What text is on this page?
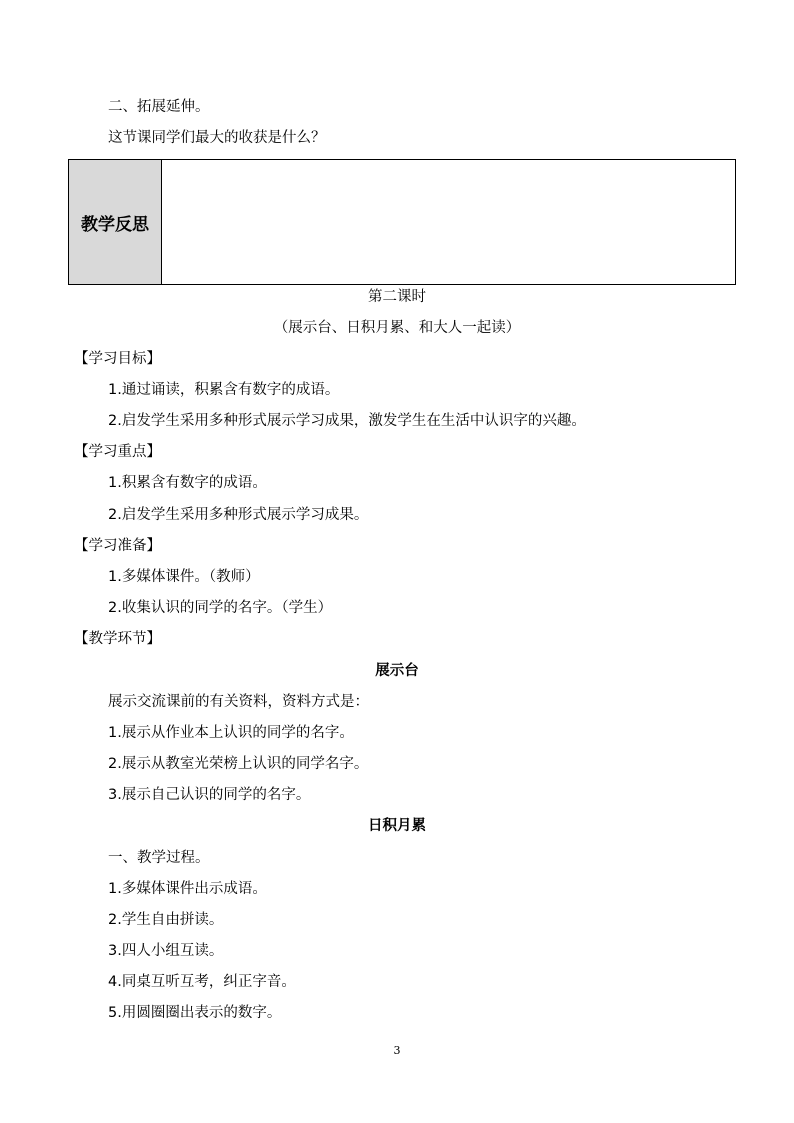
二、拓展延伸。
这节课同学们最大的收获是什么？
教学反思
第二课时
（展示台、日积月累、和大人一起读）
【学习目标】
1.通过诵读，积累含有数字的成语。
2.启发学生采用多种形式展示学习成果，激发学生在生活中认识字的兴趣。
【学习重点】
1.积累含有数字的成语。
2.启发学生采用多种形式展示学习成果。
【学习准备】
1.多媒体课件。（教师）
2.收集认识的同学的名字。（学生）
【教学环节】
展示台
展示交流课前的有关资料，资料方式是：
1.展示从作业本上认识的同学的名字。
2.展示从教室光荣榜上认识的同学名字。
3.展示自己认识的同学的名字。
日积月累
一、教学过程。
1.多媒体课件出示成语。
2.学生自由拼读。
3.四人小组互读。
4.同桌互听互考，纠正字音。
5.用圆圈圈出表示的数字。
3
